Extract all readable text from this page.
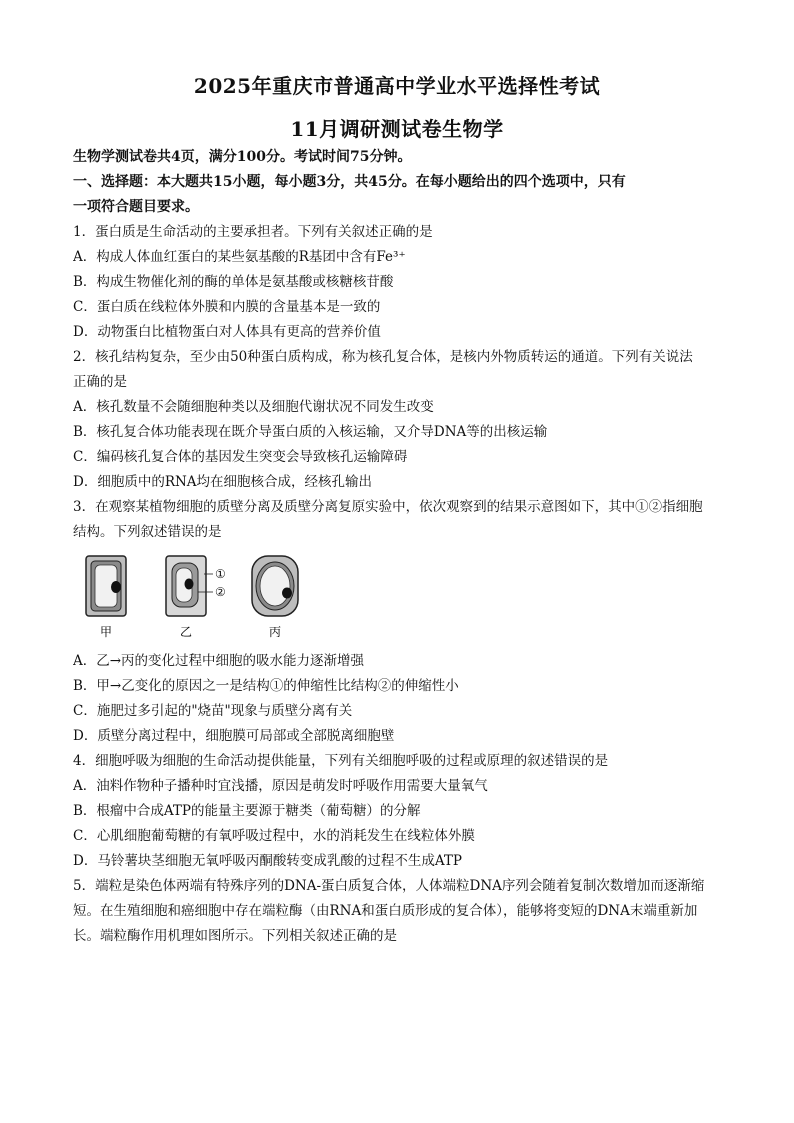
2025年重庆市普通高中学业水平选择性考试
11月调研测试卷生物学
生物学测试卷共4页，满分100分。考试时间75分钟。
一、选择题：本大题共15小题，每小题3分，共45分。在每小题给出的四个选项中，只有
一项符合题目要求。
1．蛋白质是生命活动的主要承担者。下列有关叙述正确的是
A．构成人体血红蛋白的某些氨基酸的R基团中含有Fe³⁺
B．构成生物催化剂的酶的单体是氨基酸或核糖核苷酸
C．蛋白质在线粒体外膜和内膜的含量基本是一致的
D．动物蛋白比植物蛋白对人体具有更高的营养价值
2．核孔结构复杂，至少由50种蛋白质构成，称为核孔复合体，是核内外物质转运的通道。下列有关说法
正确的是
A．核孔数量不会随细胞种类以及细胞代谢状况不同发生改变
B．核孔复合体功能表现在既介导蛋白质的入核运输，又介导DNA等的出核运输
C．编码核孔复合体的基因发生突变会导致核孔运输障碍
D．细胞质中的RNA均在细胞核合成，经核孔输出
3．在观察某植物细胞的质壁分离及质壁分离复原实验中，依次观察到的结果示意图如下，其中①②指细胞
结构。下列叙述错误的是
①
②
甲	乙	丙
A．乙→丙的变化过程中细胞的吸水能力逐渐增强
B．甲→乙变化的原因之一是结构①的伸缩性比结构②的伸缩性小
C．施肥过多引起的"烧苗"现象与质壁分离有关
D．质壁分离过程中，细胞膜可局部或全部脱离细胞壁
4．细胞呼吸为细胞的生命活动提供能量，下列有关细胞呼吸的过程或原理的叙述错误的是
A．油料作物种子播种时宜浅播，原因是萌发时呼吸作用需要大量氧气
B．根瘤中合成ATP的能量主要源于糖类（葡萄糖）的分解
C．心肌细胞葡萄糖的有氧呼吸过程中，水的消耗发生在线粒体外膜
D．马铃薯块茎细胞无氧呼吸丙酮酸转变成乳酸的过程不生成ATP
5．端粒是染色体两端有特殊序列的DNA-蛋白质复合体，人体端粒DNA序列会随着复制次数增加而逐渐缩
短。在生殖细胞和癌细胞中存在端粒酶（由RNA和蛋白质形成的复合体），能够将变短的DNA末端重新加
长。端粒酶作用机理如图所示。下列相关叙述正确的是
